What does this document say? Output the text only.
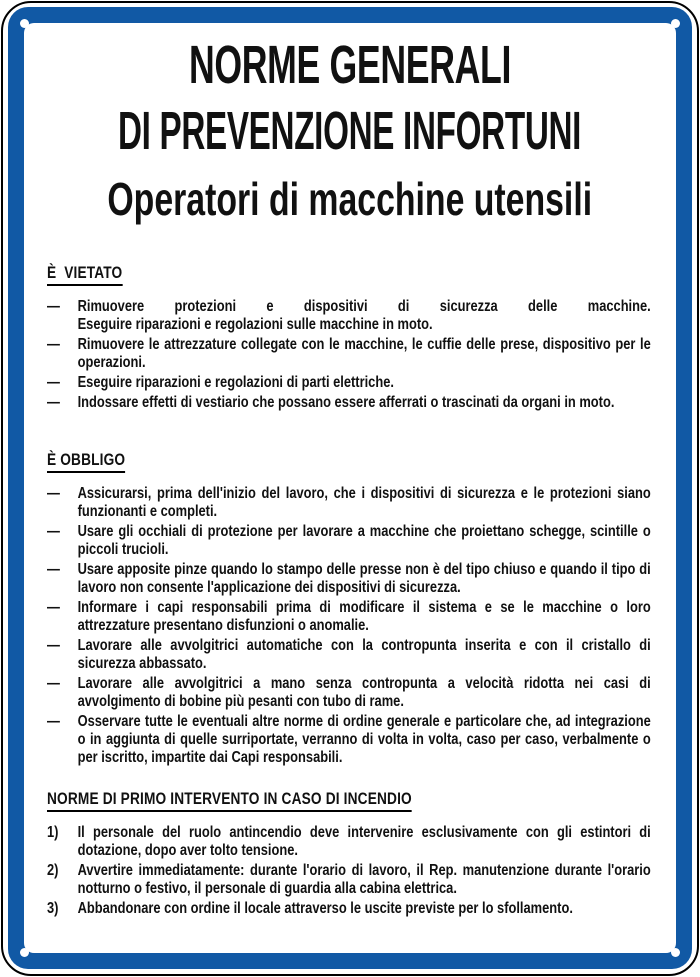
NORME GENERALI
DI PREVENZIONE INFORTUNI
Operatori di macchine utensili
È  VIETATO
—	Rimuovere protezioni e dispositivi di sicurezza delle macchine.
Eseguire riparazioni e regolazioni sulle macchine in moto.
—	Rimuovere le attrezzature collegate con le macchine, le cuffie delle prese, dispositivo per le operazioni.
—	Eseguire riparazioni e regolazioni di parti elettriche.
—	Indossare effetti di vestiario che possano essere afferrati o trascinati da organi in moto.
È OBBLIGO
—	Assicurarsi, prima dell'inizio del lavoro, che i dispositivi di sicurezza e le protezioni siano funzionanti e completi.
—	Usare gli occhiali di protezione per lavorare a macchine che proiettano schegge, scintille o piccoli trucioli.
—	Usare apposite pinze quando lo stampo delle presse non è del tipo chiuso e quando il tipo di lavoro non consente l'applicazione dei dispositivi di sicurezza.
—	Informare i capi responsabili prima di modificare il sistema e se le macchine o loro attrezzature presentano disfunzioni o anomalie.
—	Lavorare alle avvolgitrici automatiche con la contropunta inserita e con il cristallo di sicurezza abbassato.
—	Lavorare alle avvolgitrici a mano senza contropunta a velocità ridotta nei casi di avvolgimento di bobine più pesanti con tubo di rame.
—	Osservare tutte le eventuali altre norme di ordine generale e particolare che, ad integrazione o in aggiunta di quelle surriportate, verranno di volta in volta, caso per caso, verbalmente o per iscritto, impartite dai Capi responsabili.
NORME DI PRIMO INTERVENTO IN CASO DI INCENDIO
1)	Il personale del ruolo antincendio deve intervenire esclusivamente con gli estintori di dotazione, dopo aver tolto tensione.
2)	Avvertire immediatamente: durante l'orario di lavoro, il Rep. manutenzione durante l'orario notturno o festivo, il personale di guardia alla cabina elettrica.
3)	Abbandonare con ordine il locale attraverso le uscite previste per lo sfollamento.
